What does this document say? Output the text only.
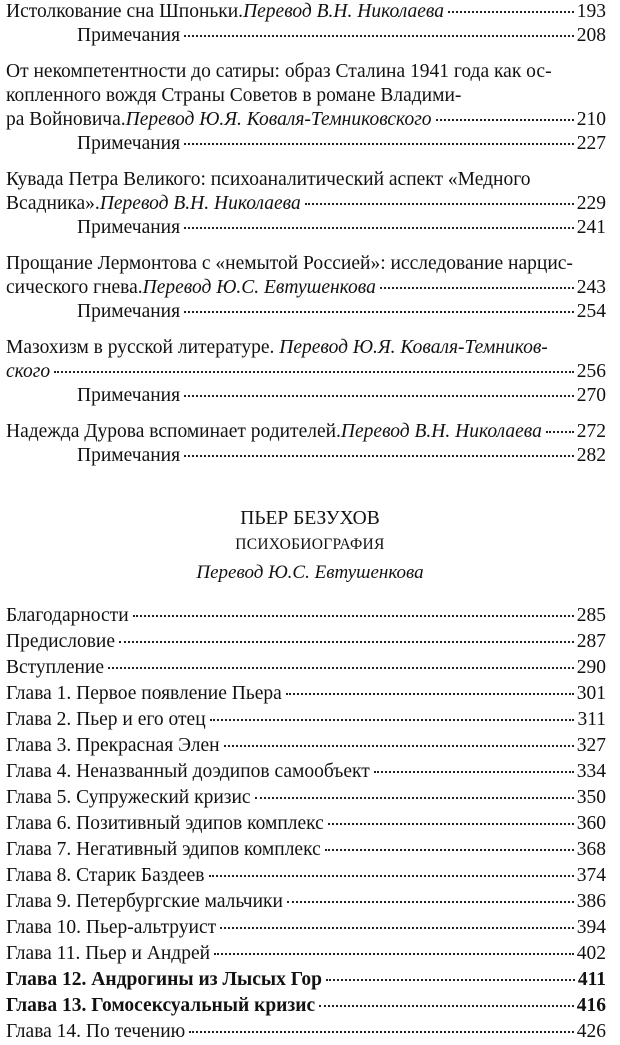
Истолкование сна Шпоньки. Перевод В.Н. Николаева	193
Примечания	208
От некомпетентности до сатиры: образ Сталина 1941 года как ос-
копленного вождя Страны Советов в романе Владими-
ра Войновича. Перевод Ю.Я. Коваля-Темниковского	210
Примечания	227
Кувада Петра Великого: психоаналитический аспект «Медного
Всадника». Перевод В.Н. Николаева	229
Примечания	241
Прощание Лермонтова с «немытой Россией»: исследование нарцис-
сического гнева. Перевод Ю.С. Евтушенкова	243
Примечания	254
Мазохизм в русской литературе. Перевод Ю.Я. Коваля-Темников-
ского	256
Примечания	270
Надежда Дурова вспоминает родителей. Перевод В.Н. Николаева 272
Примечания	282
ПЬЕР БЕЗУХОВ
ПСИХОБИОГРАФИЯ
Перевод Ю.С. Евтушенкова
Благодарности	285
Предисловие	287
Вступление	290
Глава 1. Первое появление Пьера	301
Глава 2. Пьер и его отец	311
Глава 3. Прекрасная Элен	327
Глава 4. Неназванный доэдипов самообъект	334
Глава 5. Супружеский кризис	350
Глава 6. Позитивный эдипов комплекс	360
Глава 7. Негативный эдипов комплекс	368
Глава 8. Старик Баздеев	374
Глава 9. Петербургские мальчики	386
Глава 10. Пьер-альтруист	394
Глава 11. Пьер и Андрей	402
Глава 12. Андрогины из Лысых Гор	411
Глава 13. Гомосексуальный кризис	416
Глава 14. По течению	426
